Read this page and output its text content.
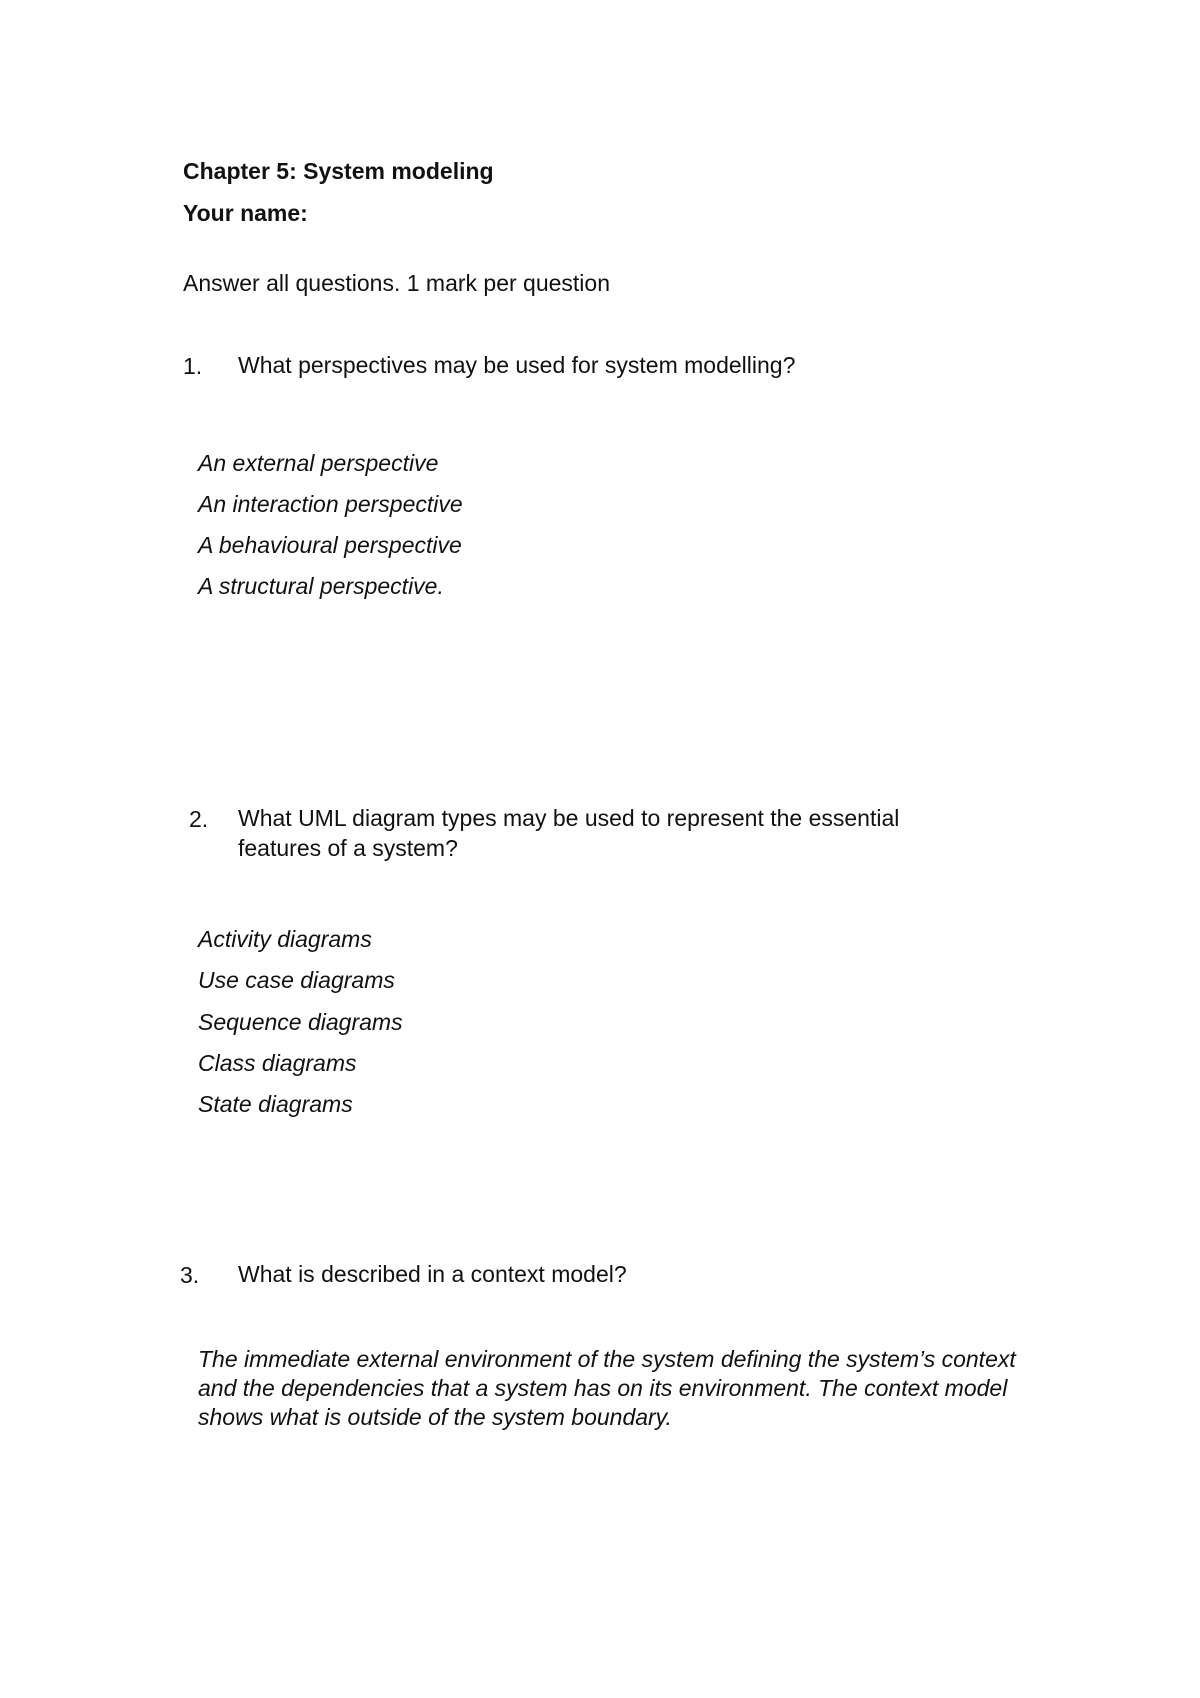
Chapter 5: System modeling
Your name:
Answer all questions. 1 mark per question
1. What perspectives may be used for system modelling?
An external perspective
An interaction perspective
A behavioural perspective
A structural perspective.
2. What UML diagram types may be used to represent the essential
features of a system?
Activity diagrams
Use case diagrams
Sequence diagrams
Class diagrams
State diagrams
3. What is described in a context model?
The immediate external environment of the system defining the system’s context and the dependencies that a system has on its environment. The context model shows what is outside of the system boundary.
